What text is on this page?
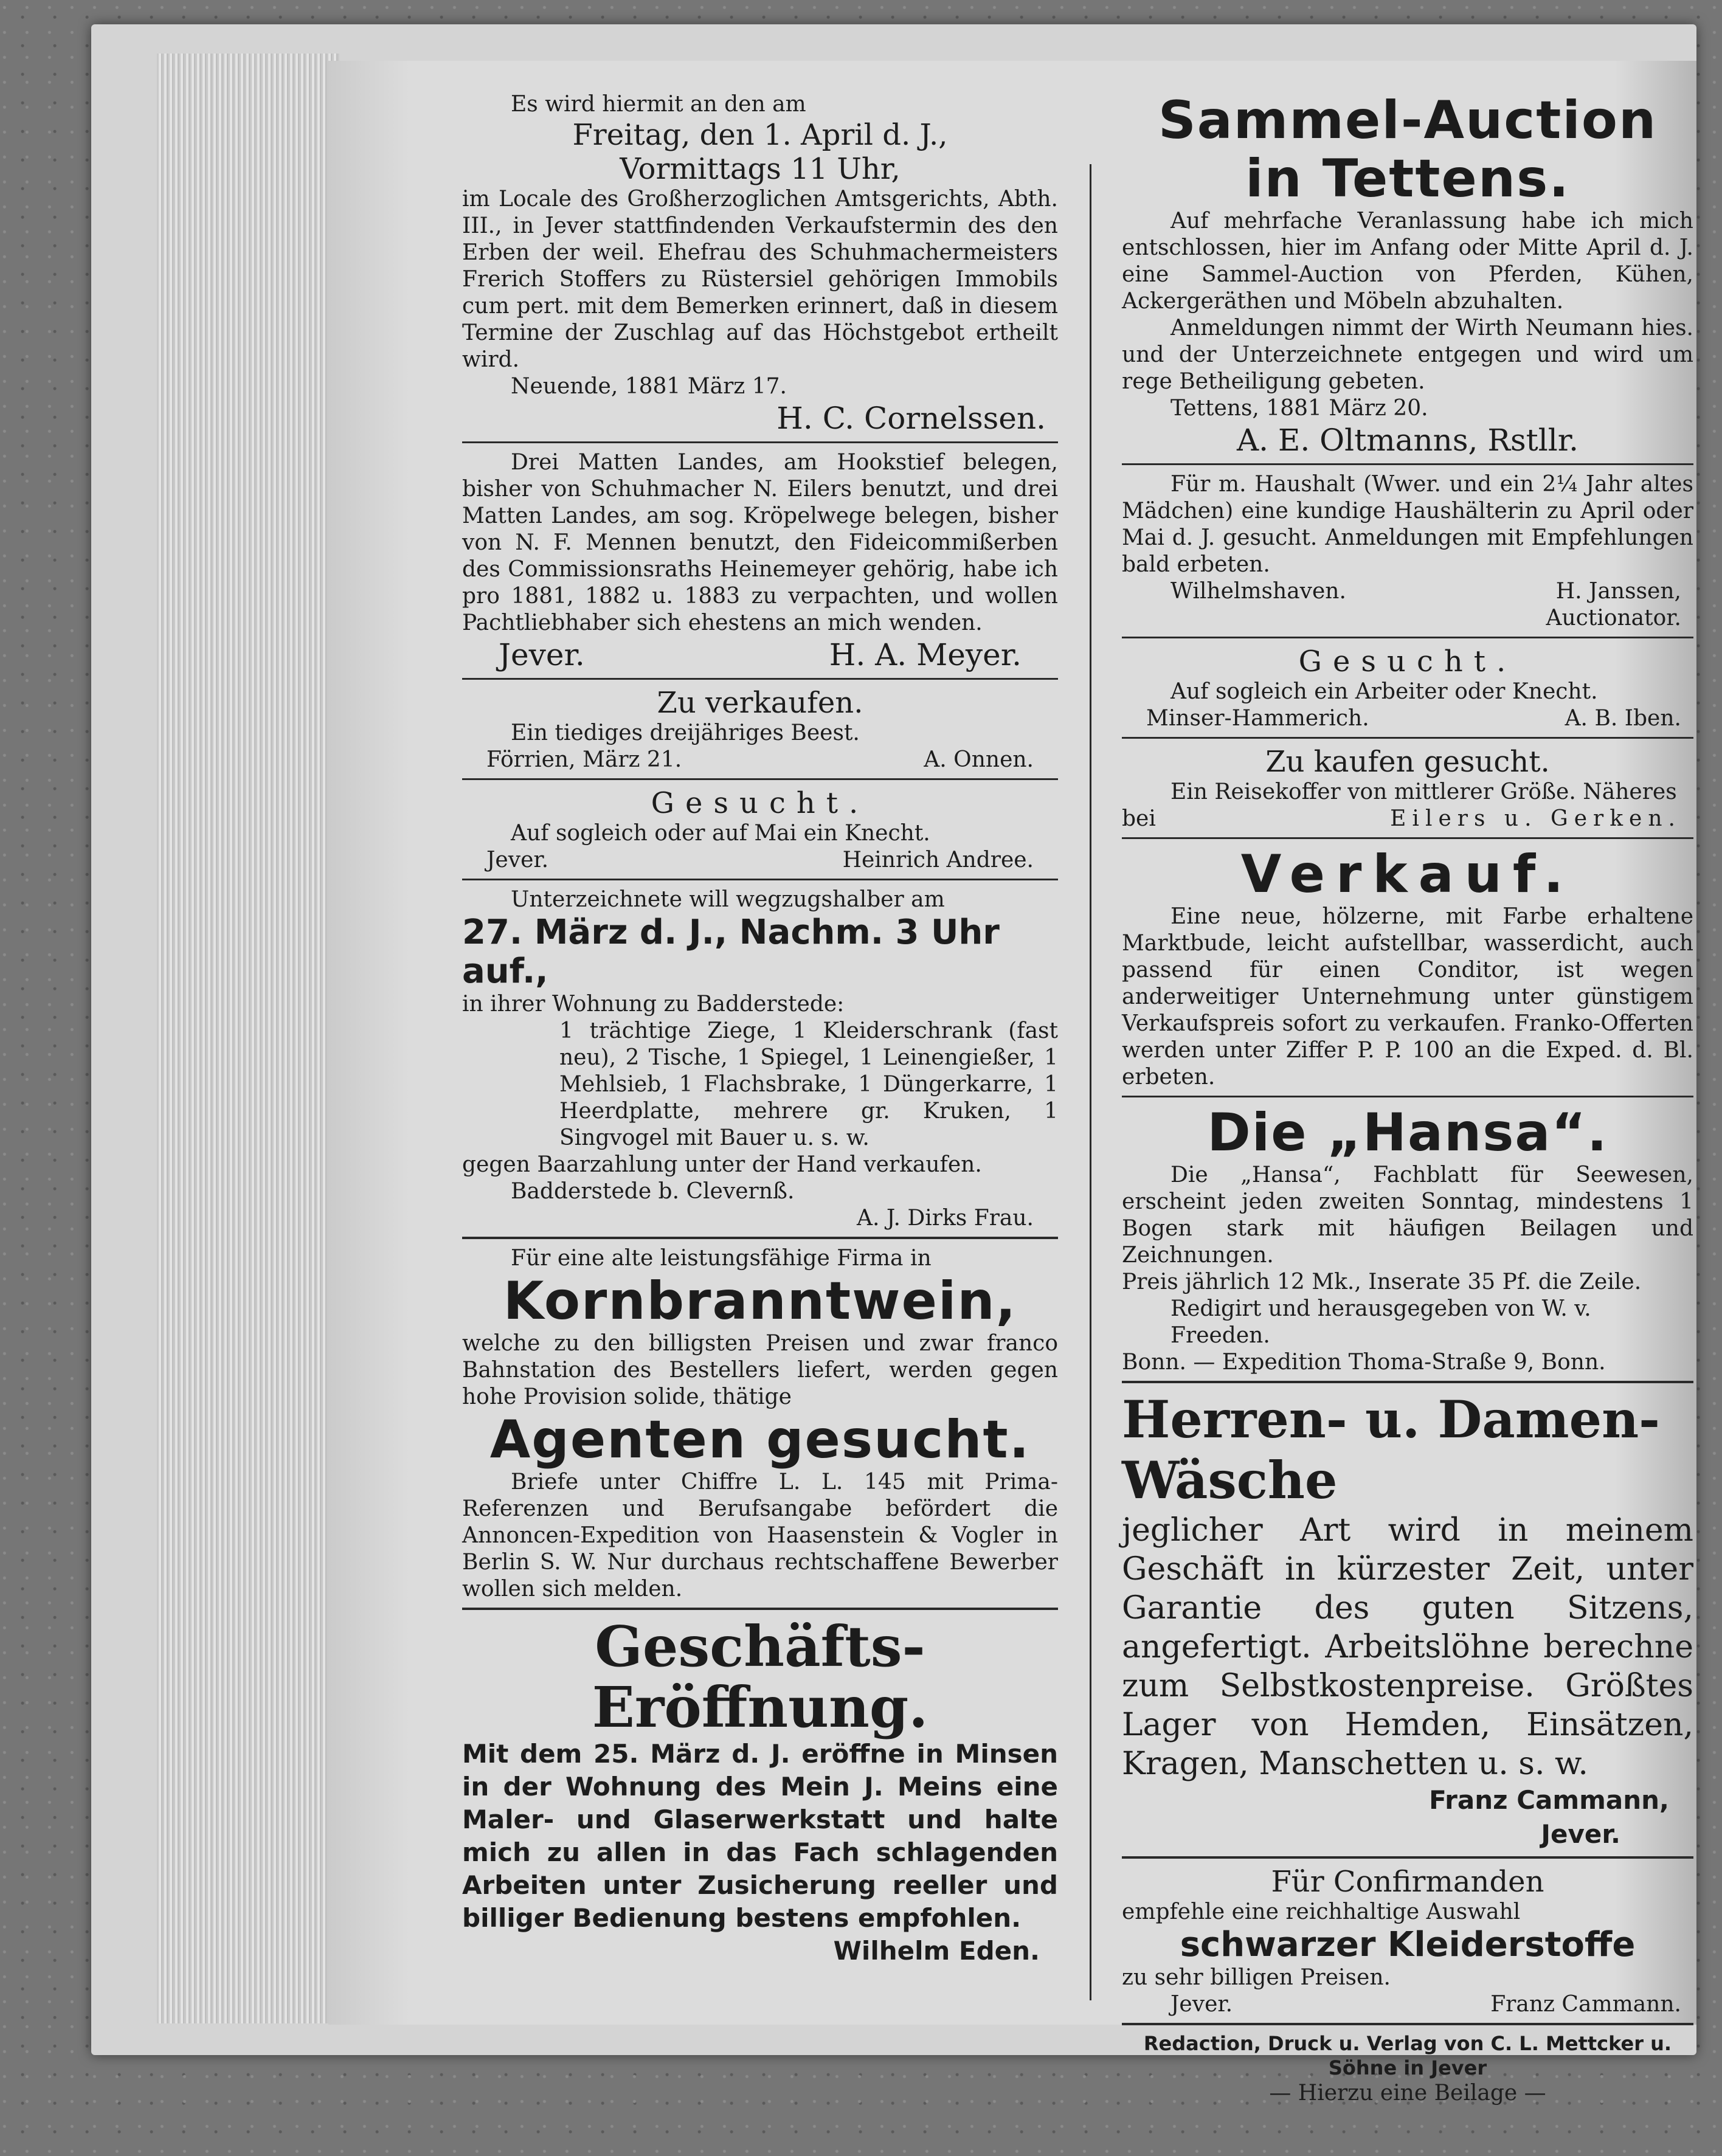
Es wird hiermit an den am

Freitag, den 1. April d. J.,

Vormittags 11 Uhr,

im Locale des Großherzoglichen Amtsgerichts, Abth. III., in Jever stattfindenden Verkaufstermin des den Erben der weil. Ehefrau des Schuhmachermeisters Frerich Stoffers zu Rüstersiel gehörigen Immobils cum pert. mit dem Bemerken erinnert, daß in diesem Termine der Zuschlag auf das Höchstgebot ertheilt wird.

Neuende, 1881 März 17.

H. C. Cornelssen.

Drei Matten Landes, am Hookstief belegen, bisher von Schuhmacher N. Eilers benutzt, und drei Matten Landes, am sog. Kröpelwege belegen, bisher von N. F. Mennen benutzt, den Fideicommißerben des Commissionsraths Heinemeyer gehörig, habe ich pro 1881, 1882 u. 1883 zu verpachten, und wollen Pachtliebhaber sich ehestens an mich wenden.

Jever.	H. A. Meyer.

Zu verkaufen.

Ein tiediges dreijähriges Beest.

Förrien, März 21.	A. Onnen.

Gesucht.

Auf sogleich oder auf Mai ein Knecht.

Jever.	Heinrich Andree.

Unterzeichnete will wegzugshalber am

27. März d. J., Nachm. 3 Uhr auf.,

in ihrer Wohnung zu Badderstede:

1 trächtige Ziege, 1 Kleiderschrank (fast neu), 2 Tische, 1 Spiegel, 1 Leinengießer, 1 Mehlsieb, 1 Flachsbrake, 1 Düngerkarre, 1 Heerdplatte, mehrere gr. Kruken, 1 Singvogel mit Bauer u. s. w.

gegen Baarzahlung unter der Hand verkaufen.

Badderstede b. Clevernß.

A. J. Dirks Frau.

Für eine alte leistungsfähige Firma in

Kornbranntwein,

welche zu den billigsten Preisen und zwar franco Bahnstation des Bestellers liefert, werden gegen hohe Provision solide, thätige

Agenten gesucht.

Briefe unter Chiffre L. L. 145 mit Prima-Referenzen und Berufsangabe befördert die Annoncen-Expedition von Haasenstein & Vogler in Berlin S. W. Nur durchaus rechtschaffene Bewerber wollen sich melden.

Geschäfts-Eröffnung.

Mit dem 25. März d. J. eröffne in Minsen in der Wohnung des Mein J. Meins eine Maler- und Glaserwerkstatt und halte mich zu allen in das Fach schlagenden Arbeiten unter Zusicherung reeller und billiger Bedienung bestens empfohlen.

Wilhelm Eden.

Sammel-Auction in Tettens.

Auf mehrfache Veranlassung habe ich mich entschlossen, hier im Anfang oder Mitte April d. J. eine Sammel-Auction von Pferden, Kühen, Ackergeräthen und Möbeln abzuhalten.

Anmeldungen nimmt der Wirth Neumann hies. und der Unterzeichnete entgegen und wird um rege Betheiligung gebeten.

Tettens, 1881 März 20.

A. E. Oltmanns, Rstllr.

Für m. Haushalt (Wwer. und ein 2¼ Jahr altes Mädchen) eine kundige Haushälterin zu April oder Mai d. J. gesucht. Anmeldungen mit Empfehlungen bald erbeten.

Wilhelmshaven.	H. Janssen,

Auctionator.

Gesucht.

Auf sogleich ein Arbeiter oder Knecht.

Minser-Hammerich.	A. B. Iben.

Zu kaufen gesucht.

Ein Reisekoffer von mittlerer Größe. Näheres

bei	Eilers u. Gerken.

Verkauf.

Eine neue, hölzerne, mit Farbe erhaltene Marktbude, leicht aufstellbar, wasserdicht, auch passend für einen Conditor, ist wegen anderweitiger Unternehmung unter günstigem Verkaufspreis sofort zu verkaufen. Franko-Offerten werden unter Ziffer P. P. 100 an die Exped. d. Bl. erbeten.

Die „Hansa“.

Die „Hansa“, Fachblatt für Seewesen, erscheint jeden zweiten Sonntag, mindestens 1 Bogen stark mit häufigen Beilagen und Zeichnungen.

Preis jährlich 12 Mk., Inserate 35 Pf. die Zeile.

Redigirt und herausgegeben von W. v. Freeden.

Bonn. — Expedition Thoma-Straße 9, Bonn.

Herren- u. Damen-Wäsche

jeglicher Art wird in meinem Geschäft in kürzester Zeit, unter Garantie des guten Sitzens, angefertigt. Arbeitslöhne berechne zum Selbstkostenpreise. Größtes Lager von Hemden, Einsätzen, Kragen, Manschetten u. s. w.

Franz Cammann,

Jever.

Für Confirmanden

empfehle eine reichhaltige Auswahl

schwarzer Kleiderstoffe

zu sehr billigen Preisen.

Jever.	Franz Cammann.

Redaction, Druck u. Verlag von C. L. Mettcker u. Söhne in Jever

— Hierzu eine Beilage —
